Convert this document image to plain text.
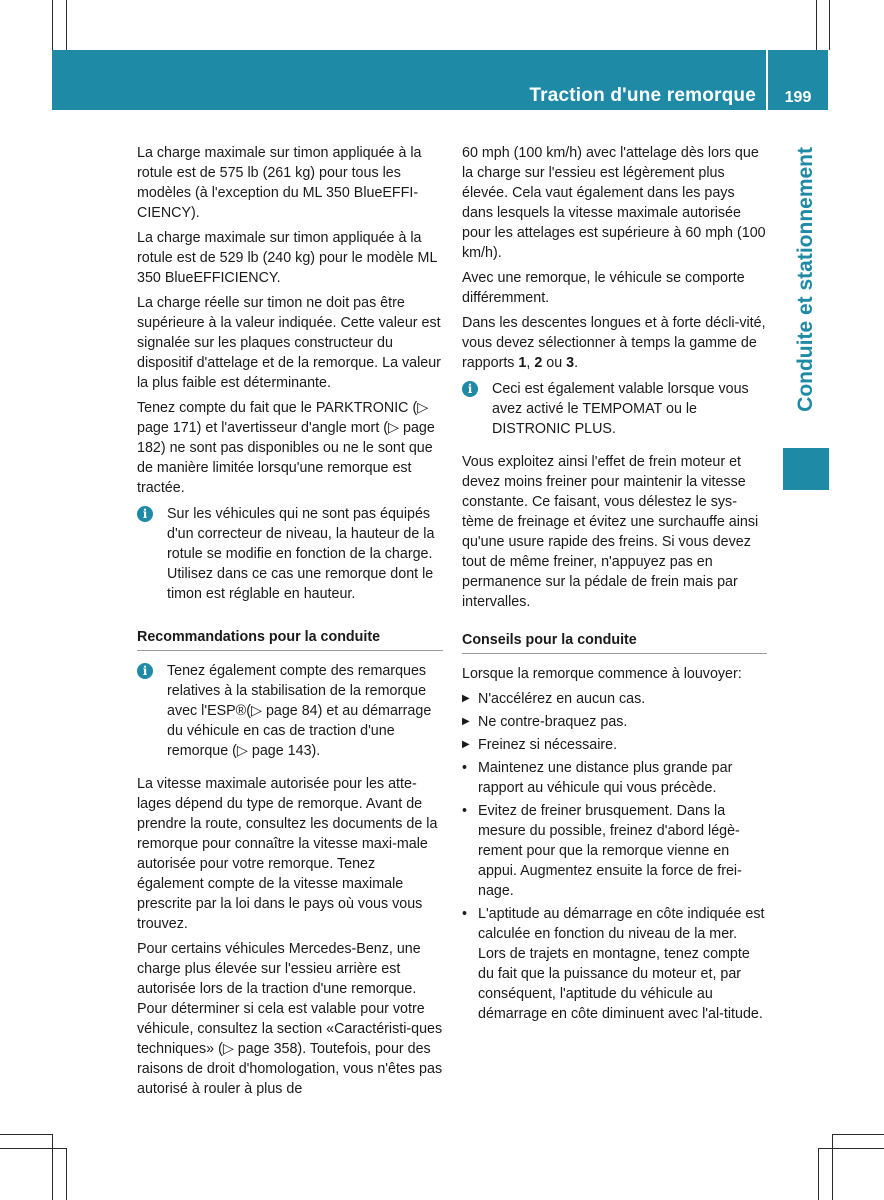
Traction d'une remorque	199
Conduite et stationnement

La charge maximale sur timon appliquée à la rotule est de 575 lb (261 kg) pour tous les modèles (à l'exception du ML 350 BlueEFFI-CIENCY).

La charge maximale sur timon appliquée à la rotule est de 529 lb (240 kg) pour le modèle ML 350 BlueEFFICIENCY.

La charge réelle sur timon ne doit pas être supérieure à la valeur indiquée. Cette valeur est signalée sur les plaques constructeur du dispositif d'attelage et de la remorque. La valeur la plus faible est déterminante.

Tenez compte du fait que le PARKTRONIC (▷ page 171) et l'avertisseur d'angle mort (▷ page 182) ne sont pas disponibles ou ne le sont que de manière limitée lorsqu'une remorque est tractée.

i	Sur les véhicules qui ne sont pas équipés d'un correcteur de niveau, la hauteur de la rotule se modifie en fonction de la charge. Utilisez dans ce cas une remorque dont le timon est réglable en hauteur.

Recommandations pour la conduite
i	Tenez également compte des remarques relatives à la stabilisation de la remorque avec l'ESP®(▷ page 84) et au démarrage du véhicule en cas de traction d'une remorque (▷ page 143).

La vitesse maximale autorisée pour les atte-lages dépend du type de remorque. Avant de prendre la route, consultez les documents de la remorque pour connaître la vitesse maxi-male autorisée pour votre remorque. Tenez également compte de la vitesse maximale prescrite par la loi dans le pays où vous vous trouvez.

Pour certains véhicules Mercedes-Benz, une charge plus élevée sur l'essieu arrière est autorisée lors de la traction d'une remorque. Pour déterminer si cela est valable pour votre véhicule, consultez la section «Caractéristi-ques techniques» (▷ page 358). Toutefois, pour des raisons de droit d'homologation, vous n'êtes pas autorisé à rouler à plus de

60 mph (100 km/h) avec l'attelage dès lors que la charge sur l'essieu est légèrement plus élevée. Cela vaut également dans les pays dans lesquels la vitesse maximale autorisée pour les attelages est supérieure à 60 mph (100 km/h).

Avec une remorque, le véhicule se comporte différemment.

Dans les descentes longues et à forte décli-vité, vous devez sélectionner à temps la gamme de rapports 1, 2 ou 3.

i	Ceci est également valable lorsque vous avez activé le TEMPOMAT ou le DISTRONIC PLUS.

Vous exploitez ainsi l'effet de frein moteur et devez moins freiner pour maintenir la vitesse constante. Ce faisant, vous délestez le sys-tème de freinage et évitez une surchauffe ainsi qu'une usure rapide des freins. Si vous devez tout de même freiner, n'appuyez pas en permanence sur la pédale de frein mais par intervalles.

Conseils pour la conduite

Lorsque la remorque commence à louvoyer:

▶ N'accélérez en aucun cas.
▶ Ne contre-braquez pas.
▶ Freinez si nécessaire.
• Maintenez une distance plus grande par rapport au véhicule qui vous précède.
• Evitez de freiner brusquement. Dans la mesure du possible, freinez d'abord légè-rement pour que la remorque vienne en appui. Augmentez ensuite la force de frei-nage.
• L'aptitude au démarrage en côte indiquée est calculée en fonction du niveau de la mer. Lors de trajets en montagne, tenez compte du fait que la puissance du moteur et, par conséquent, l'aptitude du véhicule au démarrage en côte diminuent avec l'al-titude.
